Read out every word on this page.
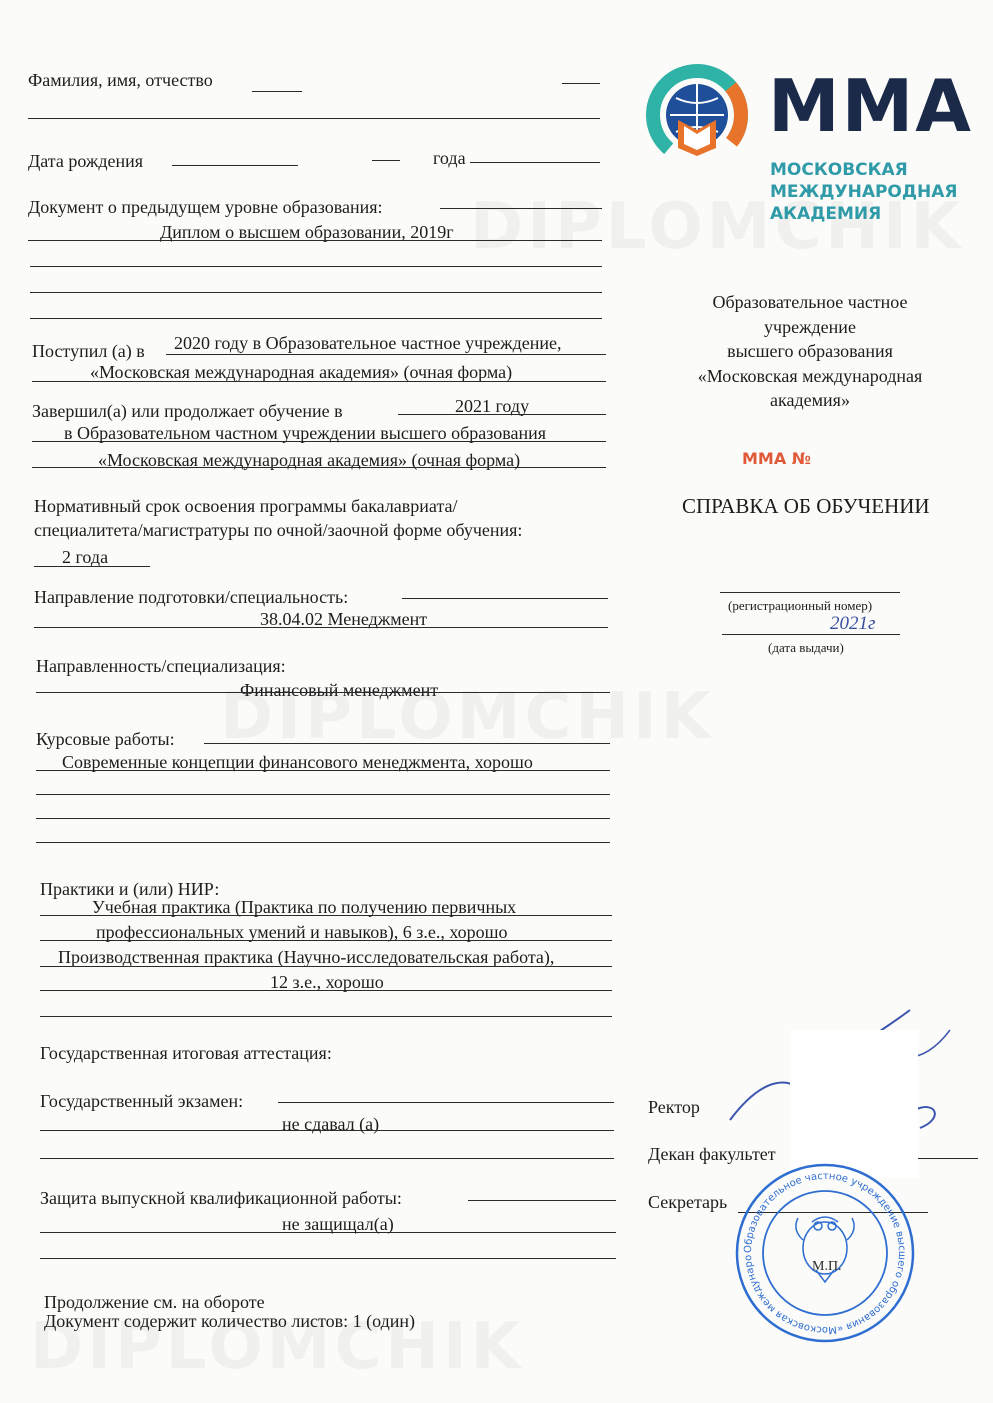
ММА
МОСКОВСКАЯ
МЕЖДУНАРОДНАЯ
АКАДЕМИЯ
Образовательное частное
учреждение
высшего образования
«Московская международная
академия»
ММА №
СПРАВКА ОБ ОБУЧЕНИИ
(регистрационный номер)
2021г
(дата выдачи)
Фамилия, имя, отчество
Дата рождения	года
Документ о предыдущем уровне образования:
Диплом о высшем образовании, 2019г
Поступил (а) в 2020 году в Образовательное частное учреждение,
«Московская международная академия» (очная форма)
Завершил(а) или продолжает обучение в	2021 году
в Образовательном частном учреждении высшего образования
«Московская международная академия» (очная форма)
Нормативный срок освоения программы бакалавриата/
специалитета/магистратуры по очной/заочной форме обучения:
2 года
Направление подготовки/специальность:
38.04.02 Менеджмент
Направленность/специализация:
Финансовый менеджмент
Курсовые работы:
Современные концепции финансового менеджмента, хорошо
Практики и (или) НИР:
Учебная практика (Практика по получению первичных
профессиональных умений и навыков), 6 з.е., хорошо
Производственная практика (Научно-исследовательская работа),
12 з.е., хорошо
Государственная итоговая аттестация:
Государственный экзамен:
не сдавал (а)
Защита выпускной квалификационной работы:
не защищал(а)
Продолжение см. на обороте
Документ содержит количество листов: 1 (один)
Ректор
Декан факультет
Секретарь
Образовательное частное учреждение высшего образования «Московская междунаро
М.П.
